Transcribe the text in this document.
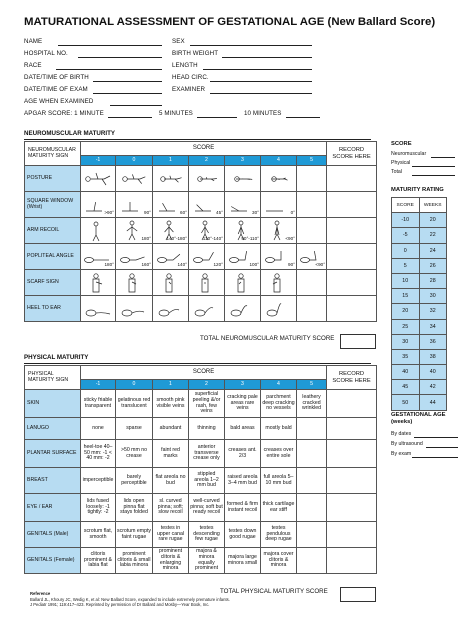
MATURATIONAL ASSESSMENT OF GESTATIONAL AGE (New Ballard Score)
NAME
HOSPITAL NO.
RACE
DATE/TIME OF BIRTH
DATE/TIME OF EXAM
AGE WHEN EXAMINED
SEX
BIRTH WEIGHT
LENGTH
HEAD CIRC.
EXAMINER
APGAR SCORE: 1 MINUTE	5 MINUTES	10 MINUTES
NEUROMUSCULAR MATURITY
NEUROMUSCULAR MATURITY SIGN	SCORE							RECORD SCORE HERE
	-1	0	1	2	3	4	5	
POSTURE	

SQUARE WINDOW (Wrist)	>90°	90°	60°	45°	30°	0°		

ARM RECOIL		180°	140°-180°	110°-140°	90°-110°	<90°		

POPLITEAL ANGLE	180°	160°	140°	120°	100°	90°	<90°	

SCARF SIGN	

HEEL TO EAR	

TOTAL NEUROMUSCULAR MATURITY SCORE
PHYSICAL MATURITY
PHYSICAL MATURITY SIGN	SCORE							RECORD SCORE HERE
	-1	0	1	2	3	4	5	
SKIN	sticky friable transparent	gelatinous red translucent	smooth pink visible veins	superficial peeling &/or rash, few veins	cracking pale areas rare veins	parchment deep cracking no vessels	leathery cracked wrinkled	
LANUGO	none	sparse	abundant	thinning	bald areas	mostly bald		
PLANTAR SURFACE	heel-toe 40–50 mm: -1 < 40 mm: -2	>50 mm no crease	faint red marks	anterior transverse crease only	creases ant. 2/3	creases over entire sole		
BREAST	imperceptible	barely perceptible	flat areola no bud	stippled areola 1–2 mm bud	raised areola 3–4 mm bud	full areola 5–10 mm bud		
EYE / EAR	lids fused loosely: -1 tightly: -2	lids open pinna flat stays folded	sl. curved pinna; soft; slow recoil	well-curved pinna; soft but ready recoil	formed & firm instant recoil	thick cartilage ear stiff		
GENITALS (Male)	scrotum flat, smooth	scrotum empty faint rugae	testes in upper canal rare rugae	testes descending few rugae	testes down good rugae	testes pendulous deep rugae		
GENITALS (Female)	clitoris prominent & labia flat	prominent clitoris & small labia minora	prominent clitoris & enlarging minora	majora & minora equally prominent	majora large minora small	majora cover clitoris & minora		
TOTAL PHYSICAL MATURITY SCORE
SCORE
Neuromuscular
Physical
Total
MATURITY RATING
SCORE	WEEKS
-10	20
-5	22
0	24
5	26
10	28
15	30
20	32
25	34
30	36
35	38
40	40
45	42
50	44
GESTATIONAL AGE (weeks)
By dates
By ultrasound
By exam
Reference
Ballard JL, Khoury JC, Wedig K, et al: New Ballard Score, expanded to include extremely premature infants.
J Pediatr 1991; 119:417–423. Reprinted by permission of Dr Ballard and Mosby—Year Book, Inc.
